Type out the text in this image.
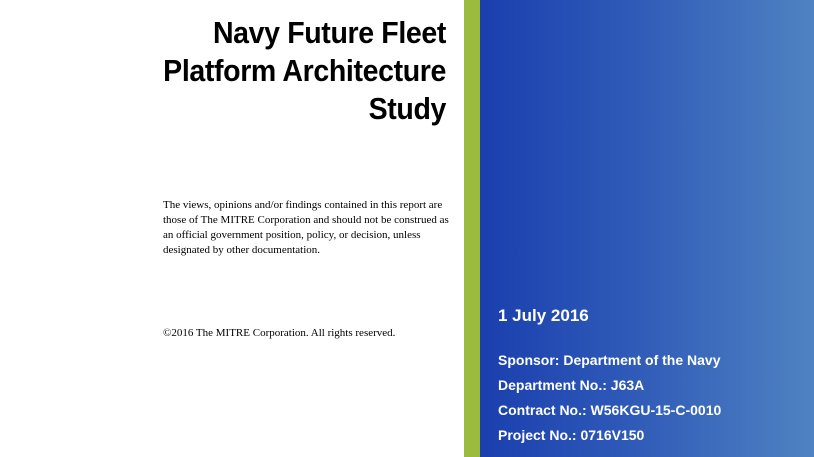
Navy Future Fleet
Platform Architecture
Study

The views, opinions and/or findings contained in this report are those of The MITRE Corporation and should not be construed as an official government position, policy, or decision, unless designated by other documentation.

©2016 The MITRE Corporation. All rights reserved.

1 July 2016

Sponsor: Department of the Navy
Department No.: J63A
Contract No.: W56KGU-15-C-0010
Project No.: 0716V150
